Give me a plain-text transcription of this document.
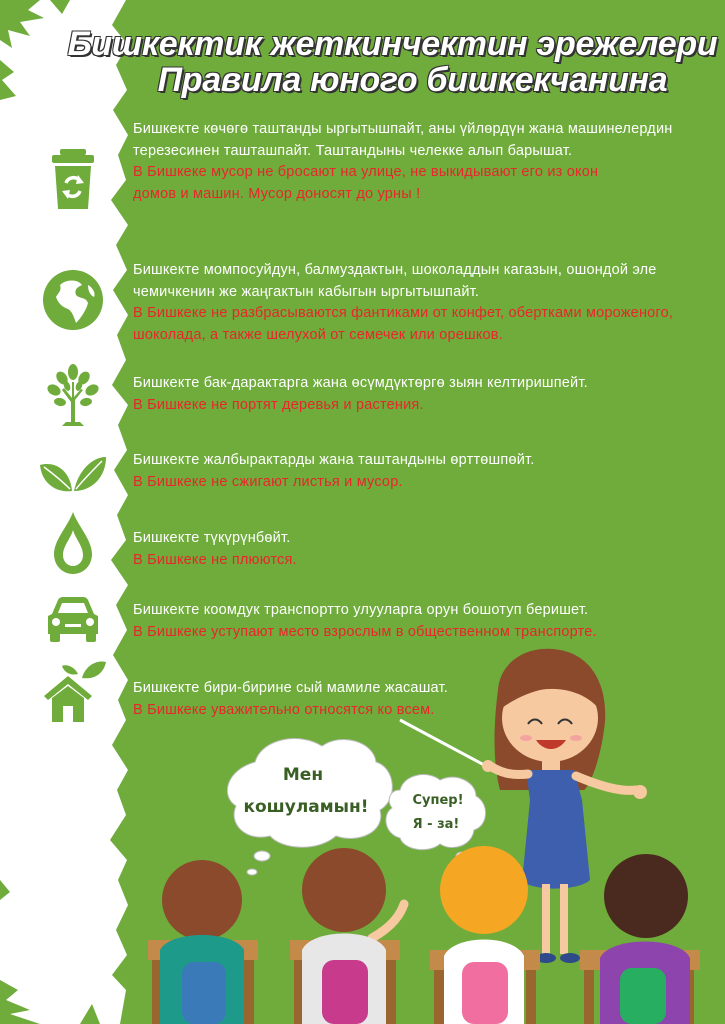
Бишкектик жеткинчектин эрежелери
Правила юного бишкекчанина
Бишкекте көчөгө таштанды ыргытышпайт, аны үйлөрдүн жана машинелердин терезесинен ташташпайт. Таштандыны челекке алып барышат.
В Бишкеке мусор не бросают на улице, не выкидывают его из окон домов и машин. Мусор доносят до урны !
Бишкекте момпосуйдун, балмуздактын, шоколаддын кагазын, ошондой эле чемичкенин же жаңгактын кабыгын ыргытышпайт.
В Бишкеке не разбрасываются фантиками от конфет, обертками мороженого, шоколада, а также шелухой от семечек или орешков.
Бишкекте бак-дарактарга жана өсүмдүктөргө зыян келтиришпейт.
В Бишкеке не портят деревья и растения.
Бишкекте жалбырактарды жана таштандыны өрттөшпөйт.
В Бишкеке не сжигают листья и мусор.
Бишкекте түкүрүнбөйт.
В Бишкеке не плюются.
Бишкекте коомдук транспортто улууларга орун бошотуп беришет.
В Бишкеке уступают место взрослым в общественном транспорте.
Бишкекте бири-бирине сый мамиле жасашат.
В Бишкеке уважительно относятся ко всем.
Мен
кошуламын!	Супер!
Я - за!
